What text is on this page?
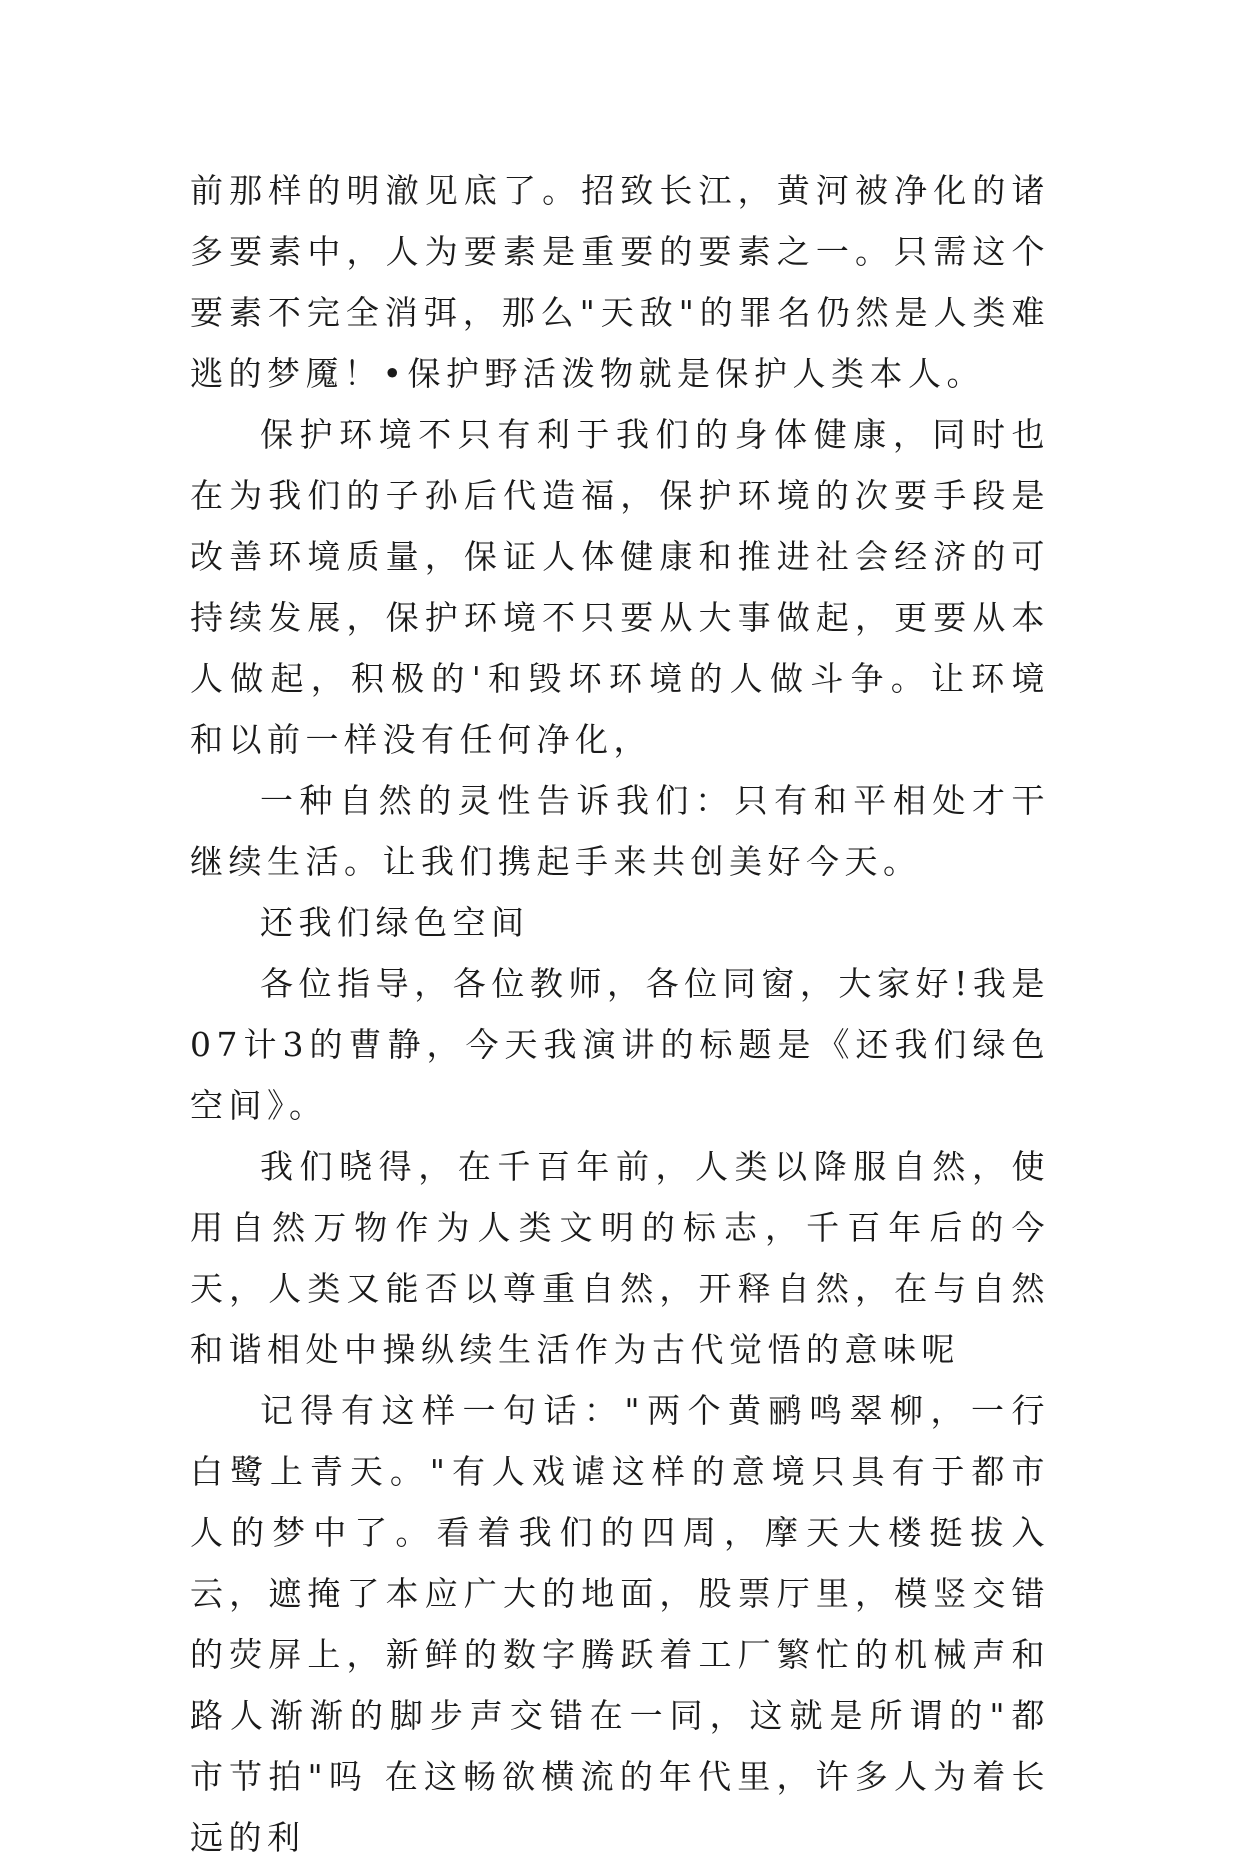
前那样的明澈见底了。招致长江，黄河被净化的诸多要素中，人为要素是重要的要素之一。只需这个要素不完全消弭，那么"天敌"的罪名仍然是人类难逃的梦魇！•保护野活泼物就是保护人类本人。

保护环境不只有利于我们的身体健康，同时也在为我们的子孙后代造福，保护环境的次要手段是改善环境质量，保证人体健康和推进社会经济的可持续发展，保护环境不只要从大事做起，更要从本人做起，积极的'和毁坏环境的人做斗争。让环境和以前一样没有任何净化，

一种自然的灵性告诉我们：只有和平相处才干继续生活。让我们携起手来共创美好今天。

还我们绿色空间

各位指导，各位教师，各位同窗，大家好!我是07计3的曹静，今天我演讲的标题是《还我们绿色空间》。

我们晓得，在千百年前，人类以降服自然，使用自然万物作为人类文明的标志，千百年后的今天，人类又能否以尊重自然，开释自然，在与自然和谐相处中操纵续生活作为古代觉悟的意味呢

记得有这样一句话："两个黄鹂鸣翠柳，一行白鹭上青天。"有人戏谑这样的意境只具有于都市人的梦中了。看着我们的四周，摩天大楼挺拔入云，遮掩了本应广大的地面，股票厅里，模竖交错的荧屏上，新鲜的数字腾跃着工厂繁忙的机械声和路人渐渐的脚步声交错在一同，这就是所谓的"都市节拍"吗 在这畅欲横流的年代里，许多人为着长远的利
